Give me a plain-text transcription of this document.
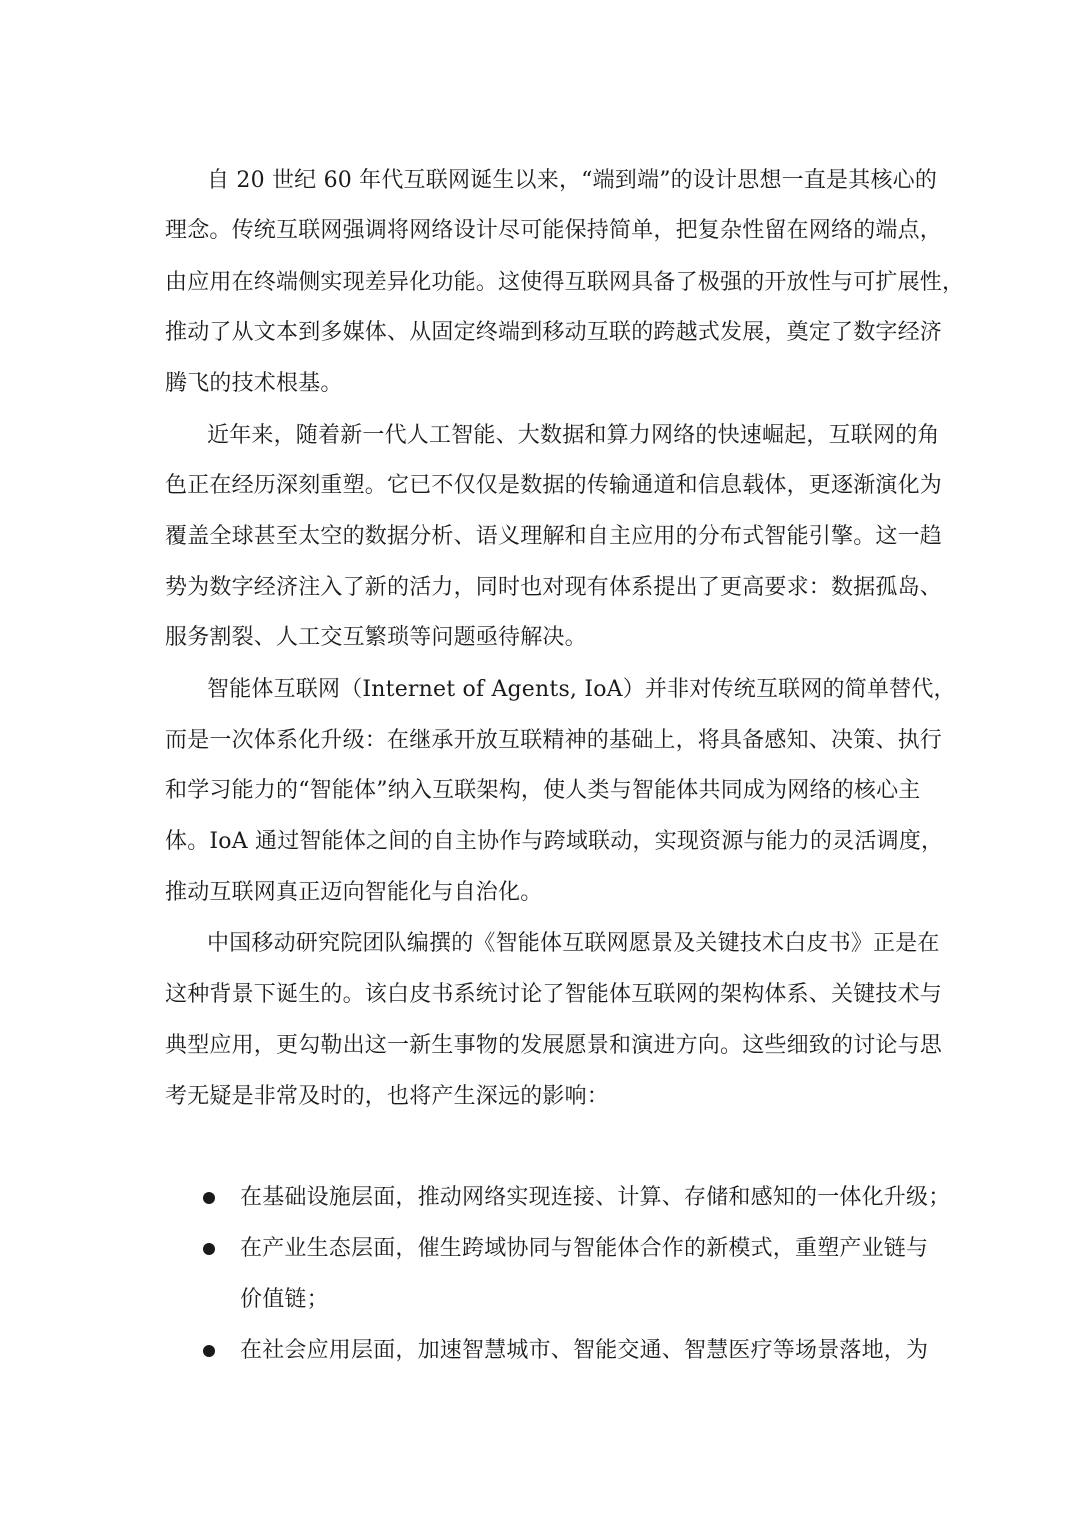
自 20 世纪 60 年代互联网诞生以来，“端到端”的设计思想一直是其核心的
理念。传统互联网强调将网络设计尽可能保持简单，把复杂性留在网络的端点，
由应用在终端侧实现差异化功能。这使得互联网具备了极强的开放性与可扩展性，
推动了从文本到多媒体、从固定终端到移动互联的跨越式发展，奠定了数字经济
腾飞的技术根基。
近年来，随着新一代人工智能、大数据和算力网络的快速崛起，互联网的角
色正在经历深刻重塑。它已不仅仅是数据的传输通道和信息载体，更逐渐演化为
覆盖全球甚至太空的数据分析、语义理解和自主应用的分布式智能引擎。这一趋
势为数字经济注入了新的活力，同时也对现有体系提出了更高要求：数据孤岛、
服务割裂、人工交互繁琐等问题亟待解决。
智能体互联网（Internet of Agents, IoA）并非对传统互联网的简单替代，
而是一次体系化升级：在继承开放互联精神的基础上，将具备感知、决策、执行
和学习能力的“智能体”纳入互联架构，使人类与智能体共同成为网络的核心主
体。IoA 通过智能体之间的自主协作与跨域联动，实现资源与能力的灵活调度，
推动互联网真正迈向智能化与自治化。
中国移动研究院团队编撰的《智能体互联网愿景及关键技术白皮书》正是在
这种背景下诞生的。该白皮书系统讨论了智能体互联网的架构体系、关键技术与
典型应用，更勾勒出这一新生事物的发展愿景和演进方向。这些细致的讨论与思
考无疑是非常及时的，也将产生深远的影响：
在基础设施层面，推动网络实现连接、计算、存储和感知的一体化升级；
在产业生态层面，催生跨域协同与智能体合作的新模式，重塑产业链与
价值链；
在社会应用层面，加速智慧城市、智能交通、智慧医疗等场景落地，为
